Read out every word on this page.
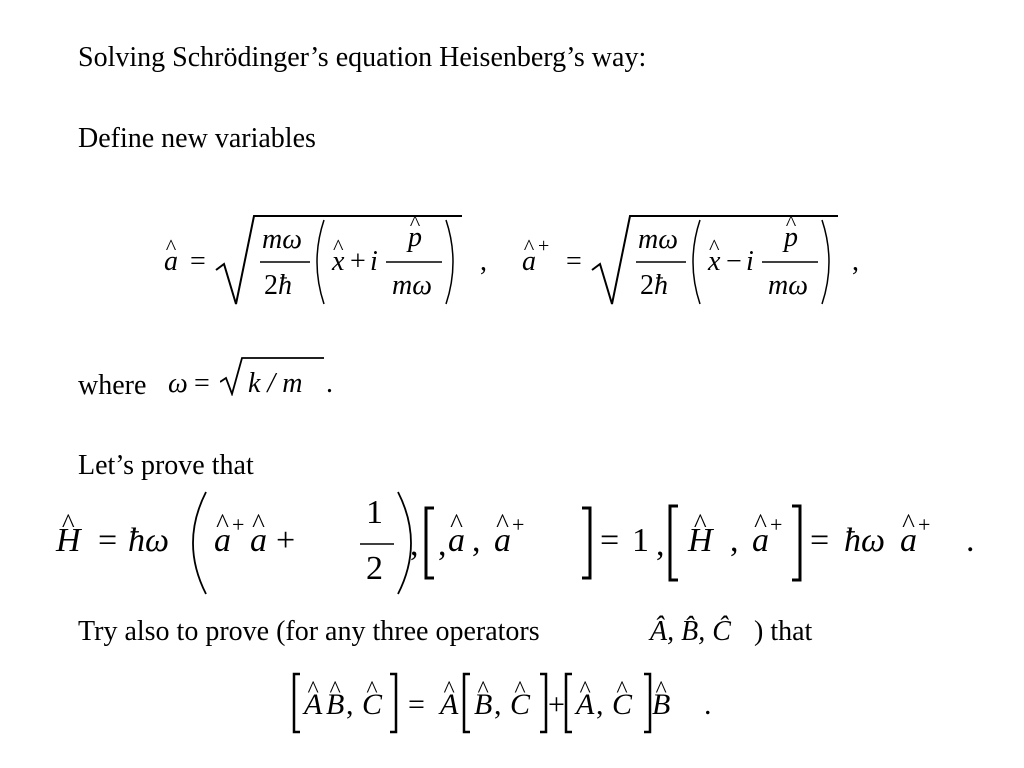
Solving Schrödinger’s equation Heisenberg’s way:
Define new variables
a ^ =
mω
2ħ
x ^ + i
p ^
mω
, a ^ + =
mω
2ħ
x ^ − i
p ^
mω
,
where ω = k / m .
Let’s prove that
H ^ = ħω a ^ + a ^ +
1
2
, a ^ , a ^ + = 1 , H ^ , a ^ + = ħω a ^ + .
,
Try also to prove (for any three operators	Â, B̂, Ĉ ) that
A ^ B ^ , C ^ = A ^ B ^ , C ^ + A ^ , C ^ B ^ .
